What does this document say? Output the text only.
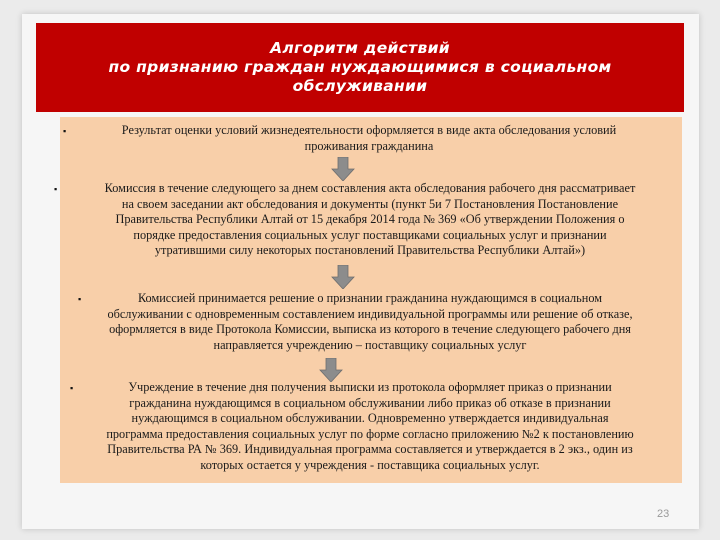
Алгоритм действий
по признанию граждан нуждающимися в социальном
обслуживании
▪	Результат оценки условий жизнедеятельности оформляется в виде акта обследования условий
проживания гражданина
▪	Комиссия в течение следующего за днем составления акта обследования рабочего дня рассматривает
на своем заседании акт обследования и документы (пункт 5и 7 Постановления Постановление
Правительства Республики Алтай от 15 декабря 2014 года № 369 «Об утверждении Положения о
порядке предоставления социальных услуг поставщиками социальных услуг и признании
утратившими силу некоторых постановлений Правительства Республики Алтай»)
▪	Комиссией принимается решение о признании гражданина нуждающимся в социальном
обслуживании с одновременным составлением индивидуальной программы или решение об отказе,
оформляется в виде Протокола Комиссии, выписка из которого в течение следующего рабочего дня
направляется учреждению – поставщику социальных услуг
▪	Учреждение в течение дня получения выписки из протокола оформляет приказ о признании
гражданина нуждающимся в социальном обслуживании либо приказ об отказе в признании
нуждающимся в социальном обслуживании. Одновременно утверждается индивидуальная
программа предоставления социальных услуг по форме согласно приложению №2 к постановлению
Правительства РА № 369. Индивидуальная программа составляется и утверждается в 2 экз., один из
которых остается у учреждения - поставщика социальных услуг.
23
